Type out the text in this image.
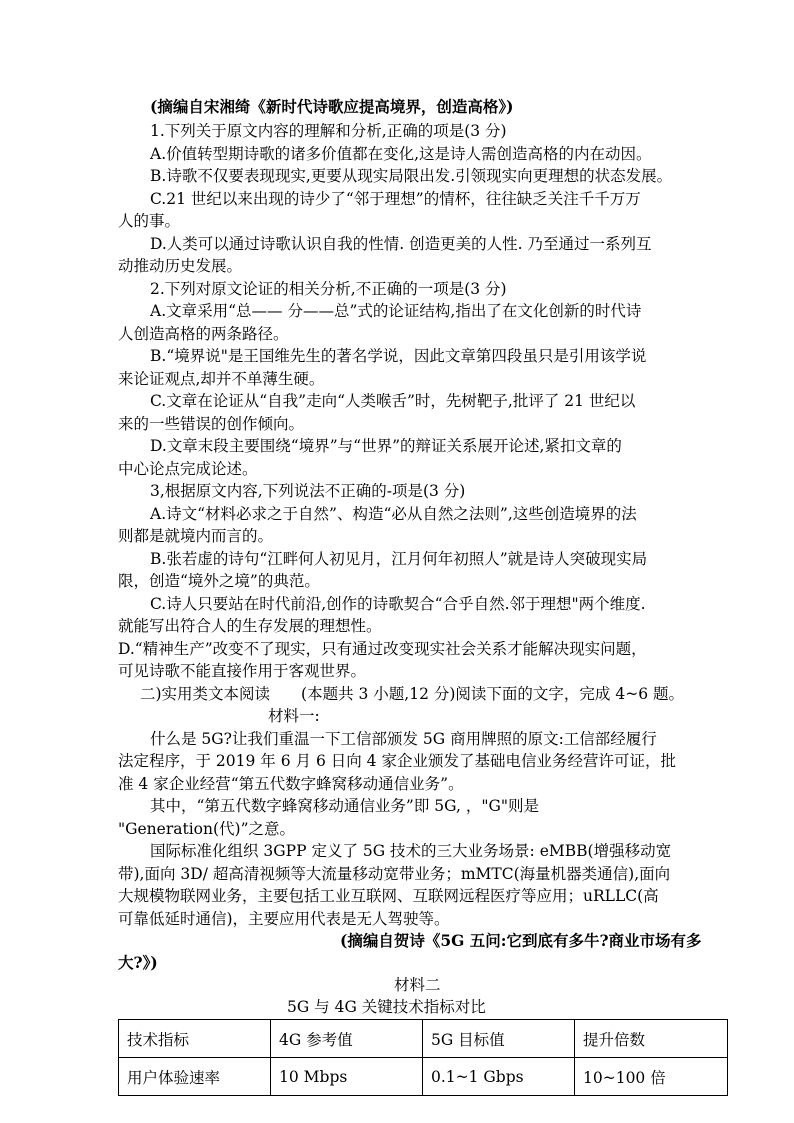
(摘编自宋湘绮《新时代诗歌应提高境界，创造高格》)
1.下列关于原文内容的理解和分析,正确的项是(3 分)
A.价值转型期诗歌的诸多价值都在变化,这是诗人需创造高格的内在动因。
B.诗歌不仅要表现现实,更要从现实局限出发.引领现实向更理想的状态发展。
C.21 世纪以来出现的诗少了“邻于理想”的情杯，往往缺乏关注千千万万
人的事。
D.人类可以通过诗歌认识自我的性情. 创造更美的人性. 乃至通过一系列互
动推动历史发展。
2.下列对原文论证的相关分析,不正确的一项是(3 分)
A.文章采用“总—— 分——总”式的论证结构,指出了在文化创新的时代诗
人创造高格的两条路径。
B.“境界说"是王国维先生的著名学说，因此文章第四段虽只是引用该学说
来论证观点,却并不单薄生硬。
C.文章在论证从“自我”走向“人类喉舌”时，先树靶子,批评了 21 世纪以
来的一些错误的创作倾向。
D.文章末段主要围绕“境界”与“世界”的辩证关系展开论述,紧扣文章的
中心论点完成论述。
3,根据原文内容,下列说法不正确的-项是(3 分)
A.诗文“材料必求之于自然”、构造“必从自然之法则”,这些创造境界的法
则都是就境内而言的。
B.张若虚的诗句“江畔何人初见月，江月何年初照人”就是诗人突破现实局
限，创造“境外之境”的典范。
C.诗人只要站在时代前沿,创作的诗歌契合“合乎自然.邻于理想"两个维度.
就能写出符合人的生存发展的理想性。
D.“精神生产”改变不了现实，只有通过改变现实社会关系才能解决现实问题，
可见诗歌不能直接作用于客观世界。
二)实用类文本阅读　　(本题共 3 小题,12 分)阅读下面的文字，完成 4~6 题。
材料一:
什么是 5G?让我们重温一下工信部颁发 5G 商用牌照的原文:工信部经履行
法定程序，于 2019 年 6 月 6 日向 4 家企业颁发了基础电信业务经营许可证，批
准 4 家企业经营“第五代数字蜂窝移动通信业务”。
其中，“第五代数字蜂窝移动通信业务”即 5G, ，"G"则是
"Generation(代)”之意。
国际标准化组织 3GPP 定义了 5G 技术的三大业务场景: eMBB(增强移动宽
带),面向 3D/ 超高清视频等大流量移动宽带业务；mMTC(海量机器类通信),面向
大规模物联网业务，主要包括工业互联网、互联网远程医疗等应用；uRLLC(高
可靠低延时通信)，主要应用代表是无人驾驶等。
(摘编自贺诗《5G 五问:它到底有多牛?商业市场有多
大?》)
材料二
5G 与 4G 关键技术指标对比
技术指标	4G 参考值	5G 目标值	提升倍数
用户体验速率	10 Mbps	0.1~1 Gbps	10~100 倍
